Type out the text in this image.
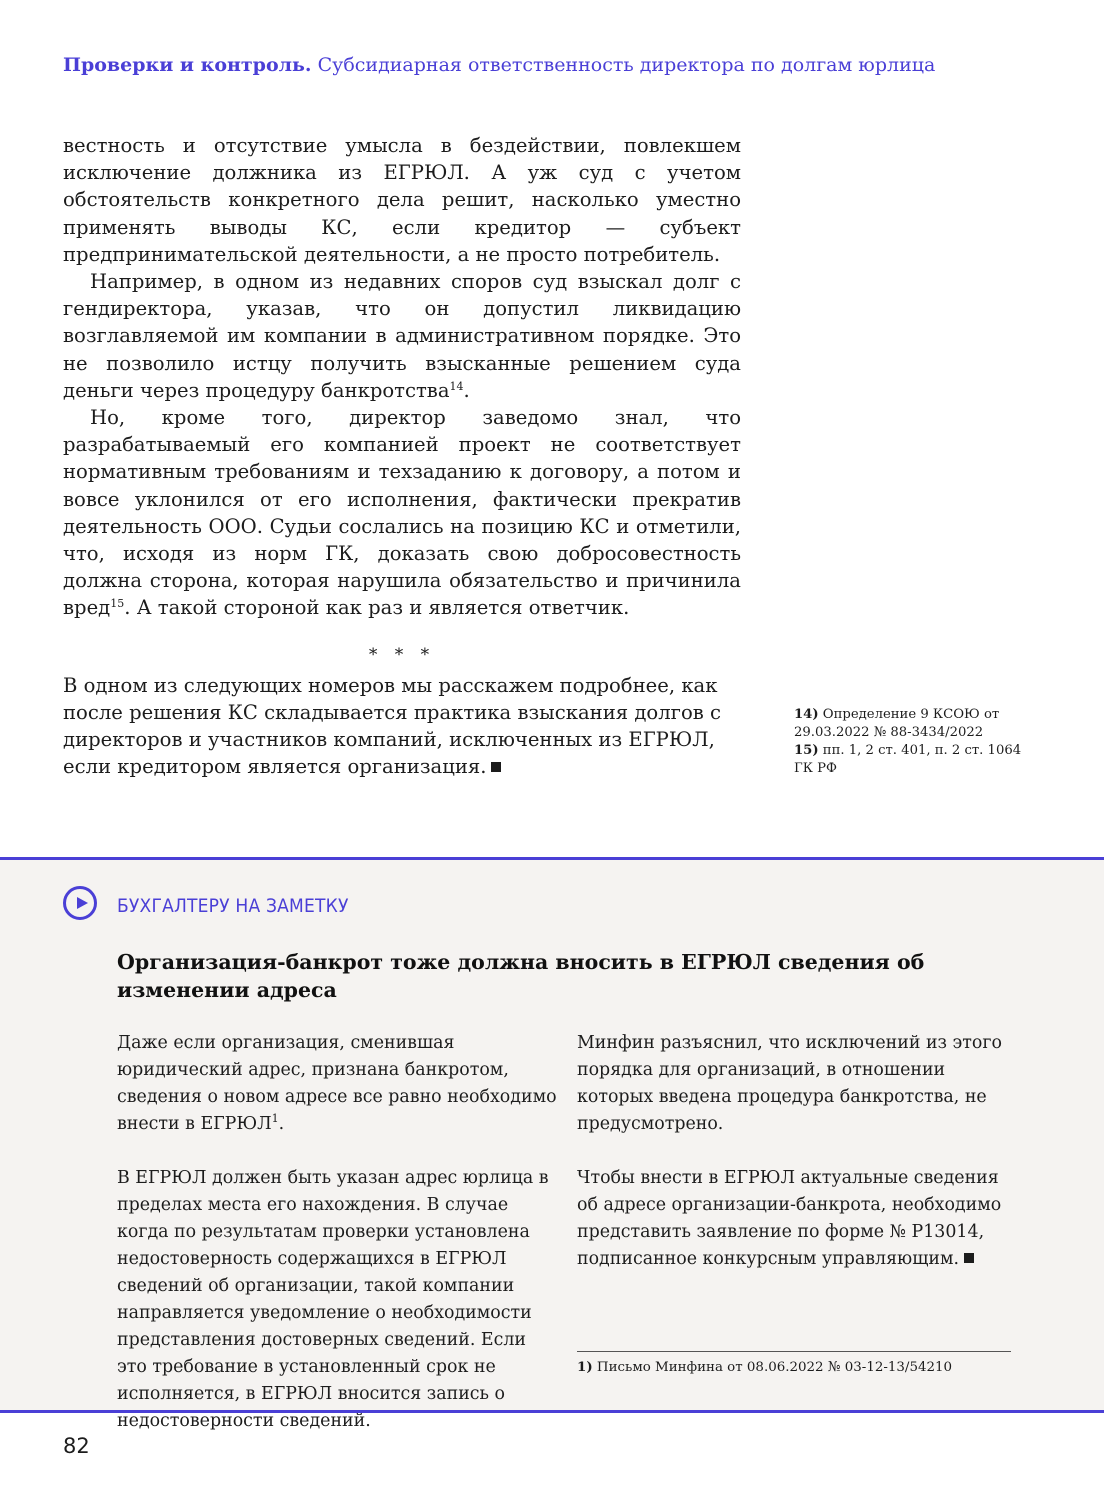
Проверки и контроль. Субсидиарная ответственность директора по долгам юрлица

вестность и отсутствие умысла в бездействии, повлекшем исключение должника из ЕГРЮЛ. А уж суд с учетом обстоятельств конкретного дела решит, насколько уместно применять выводы КС, если кредитор — субъект предпринимательской деятельности, а не просто потребитель.

Например, в одном из недавних споров суд взыскал долг с гендиректора, указав, что он допустил ликвидацию возглавляемой им компании в административном порядке. Это не позволило истцу получить взысканные решением суда деньги через процедуру банкротства$^{14}$.

Но, кроме того, директор заведомо знал, что разрабатываемый его компанией проект не соответствует нормативным требованиям и техзаданию к договору, а потом и вовсе уклонился от его исполнения, фактически прекратив деятельность ООО. Судьи сослались на позицию КС и отметили, что, исходя из норм ГК, доказать свою добросовестность должна сторона, которая нарушила обязательство и причинила вред$^{15}$. А такой стороной как раз и является ответчик.

* * *

В одном из следующих номеров мы расскажем подробнее, как после решения КС складывается практика взыскания долгов с директоров и участников компаний, исключенных из ЕГРЮЛ, если кредитором является организация.

14) Определение 9 КСОЮ от 29.03.2022 № 88-3434/2022

15) пп. 1, 2 ст. 401, п. 2 ст. 1064 ГК РФ

БУХГАЛТЕРУ НА ЗАМЕТКУ
Организация-банкрот тоже должна вносить в ЕГРЮЛ сведения об изменении адреса

Даже если организация, сменившая юридический адрес, признана банкротом, сведения о новом адресе все равно необходимо внести в ЕГРЮЛ$^1$.

В ЕГРЮЛ должен быть указан адрес юрлица в пределах места его нахождения. В случае когда по результатам проверки установлена недостоверность содержащихся в ЕГРЮЛ сведений об организации, такой компании направляется уведомление о необходимости представления достоверных сведений. Если это требование в установленный срок не исполняется, в ЕГРЮЛ вносится запись о недостоверности сведений.

Минфин разъяснил, что исключений из этого порядка для организаций, в отношении которых введена процедура банкротства, не предусмотрено.

Чтобы внести в ЕГРЮЛ актуальные сведения об адресе организации-банкрота, необходимо представить заявление по форме № Р13014, подписанное конкурсным управляющим.

1) Письмо Минфина от 08.06.2022 № 03-12-13/54210
82
